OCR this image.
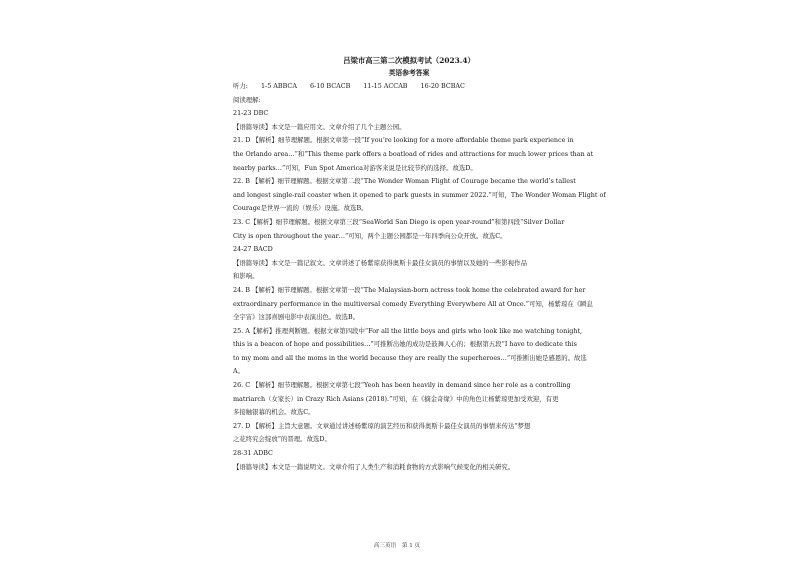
吕梁市高三第二次模拟考试（2023.4）
英语参考答案
听力: 1-5 ABBCA 6-10 BCACB 11-15 ACCAB 16-20 BCBAC
阅读理解:
21-23 DBC
【语篇导读】本文是一篇应用文。文章介绍了几个主题公园。
21. D 【解析】细节理解题。根据文章第一段“If you’re looking for a more affordable theme park experience in
the Orlando area…”和“This theme park offers a boatload of rides and attractions for much lower prices than at
nearby parks…”可知，Fun Spot America对游客来说是比较节约的选择。故选D。
22. B 【解析】细节理解题。根据文章第二段“The Wonder Woman Flight of Courage became the world’s tallest
and longest single-rail coaster when it opened to park guests in summer 2022.”可知，The Wonder Woman Flight of
Courage是世界一流的（娱乐）设施。故选B。
23. C【解析】细节理解题。根据文章第三段“SeaWorld San Diego is open year-round”和第四段“Silver Dollar
City is open throughout the year…”可知，两个主题公园都是一年四季向公众开放。故选C。
24-27 BACD
【语篇导读】本文是一篇记叙文。文章讲述了杨紫琼获得奥斯卡最佳女演员的事情以及她的一些影视作品
和影响。
24. B 【解析】细节理解题。根据文章第一段“The Malaysian-born actress took home the celebrated award for her
extraordinary performance in the multiversal comedy Everything Everywhere All at Once.”可知，杨紫琼在《瞬息
全宇宙》这部喜剧电影中表演出色。故选B。
25. A【解析】推理判断题。根据文章第四段中“For all the little boys and girls who look like me watching tonight,
this is a beacon of hope and possibilities…”可推断出她的成功是鼓舞人心的；根据第五段“I have to dedicate this
to my mom and all the moms in the world because they are really the superheroes…”可推断出她是感恩的。故选
A。
26. C 【解析】细节理解题。根据文章第七段“Yeoh has been heavily in demand since her role as a controlling
matriarch（女家长）in Crazy Rich Asians (2018).”可知，在《摘金奇缘》中的角色让杨紫琼更加受欢迎，有更
多接触银幕的机会。故选C。
27. D 【解析】主旨大意题。文章通过讲述杨紫琼的演艺经历和获得奥斯卡最佳女演员的事情来传达“梦想
之花终究会绽放”的晋理。故选D。
28-31 ADBC
【语篇导读】本文是一篇说明文。文章介绍了人类生产和消耗食物的方式影响气候变化的相关研究。
高三英语　第 1 页
